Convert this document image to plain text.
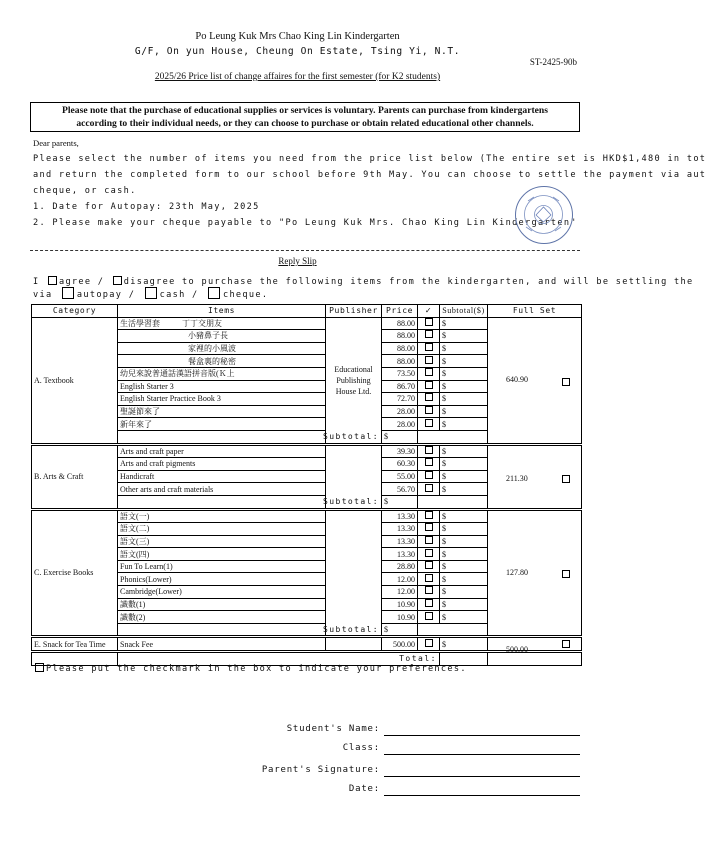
Po Leung Kuk Mrs Chao King Lin Kindergarten
G/F, On yun House, Cheung On Estate, Tsing Yi, N.T.
ST-2425-90b
2025/26 Price list of change affaires for the first semester (for K2 students)
Please note that the purchase of educational supplies or services is voluntary. Parents can purchase from kindergartens
according to their individual needs, or they can choose to purchase or obtain related educational other channels.
Dear parents,
Please select the number of items you need from the price list below (The entire set is HKD$1,480 in tot
and return the completed form to our school before 9th May. You can choose to settle the payment via aut
cheque, or cash.
1. Date for Autopay: 23th May, 2025
2. Please make your cheque payable to "Po Leung Kuk Mrs. Chao King Lin Kindergarten"
Reply Slip
I agree / disagree to purchase the following items from the kindergarten, and will be settling the
via	autopay /	cash /	cheque.
Category	Items	Publisher	Price	✓	Subtotal($)	Full Set
A. Textbook	生活學習套 丁丁交朋友	Educational
Publishing
House Ltd.	88.00		$	640.90

	小豬鼻子長		88.00		$	
	家裡的小風波		88.00		$	
	餐盒裏的秘密		88.00		$	
	幼兒來說普通話漢語拼音版(Ｋ上		73.50		$	
	English Starter 3		86.70		$	
	English Starter Practice Book 3		72.70		$	
	聖誕節來了		28.00		$	
	新年來了		28.00		$	
	Subtotal:		$			
B. Arts & Craft	Arts and craft paper		39.30		$	211.30

	Arts and craft pigments		60.30		$	
	Handicraft		55.00		$	
	Other arts and craft materials		56.70		$	
	Subtotal:		$			
C. Exercise Books	語文(一)		13.30		$	127.80

	語文(二)		13.30		$	
	語文(三)		13.30		$	
	語文(四)		13.30		$	
	Fun To Learn(1)		28.80		$	
	Phonics(Lower)		12.00		$	
	Cambridge(Lower)		12.00		$	
	識數(1)		10.90		$	
	識數(2)		10.90		$	
	Subtotal:		$			
E. Snack for Tea Time	Snack Fee		500.00		$	500.00

	Total:					
Please put the checkmark in the box to indicate your preferences.
Student's Name:
Class:
Parent's Signature:
Date:
